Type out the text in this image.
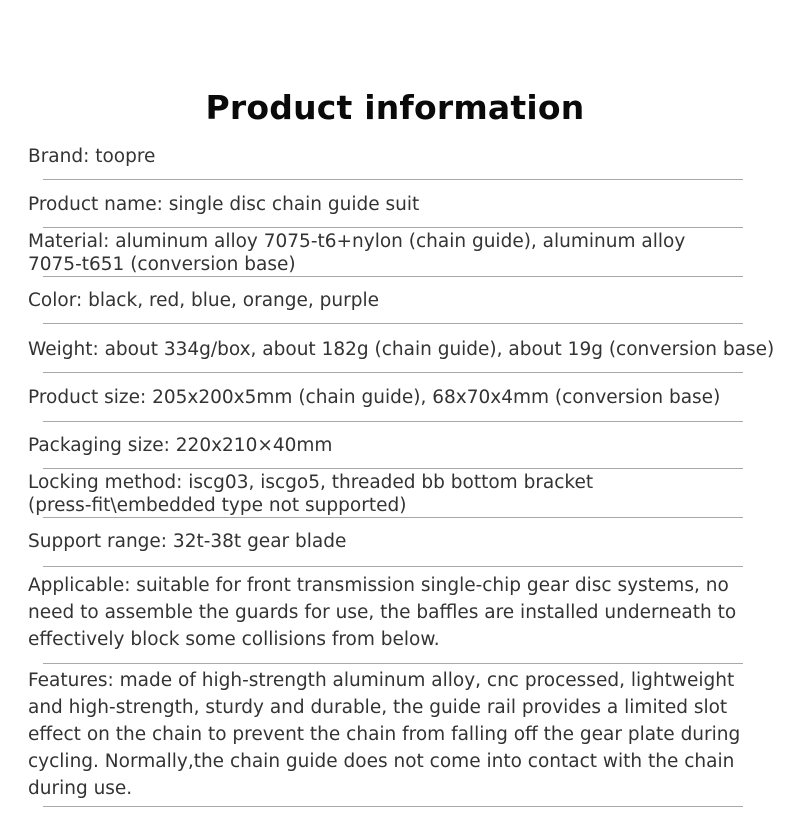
Product information
Brand: toopre
Product name: single disc chain guide suit
Material: aluminum alloy 7075-t6+nylon (chain guide), aluminum alloy 7075-t651 (conversion base)
Color: black, red, blue, orange, purple
Weight: about 334g/box, about 182g (chain guide), about 19g (conversion base)
Product size: 205x200x5mm (chain guide), 68x70x4mm (conversion base)
Packaging size: 220x210×40mm
Locking method: iscg03, iscgo5, threaded bb bottom bracket (press-fit\embedded type not supported)
Support range: 32t-38t gear blade
Applicable: suitable for front transmission single-chip gear disc systems, no need to assemble the guards for use, the baffles are installed underneath to effectively block some collisions from below.
Features: made of high-strength aluminum alloy, cnc processed, lightweight and high-strength, sturdy and durable, the guide rail provides a limited slot effect on the chain to prevent the chain from falling off the gear plate during cycling. Normally,the chain guide does not come into contact with the chain during use.
